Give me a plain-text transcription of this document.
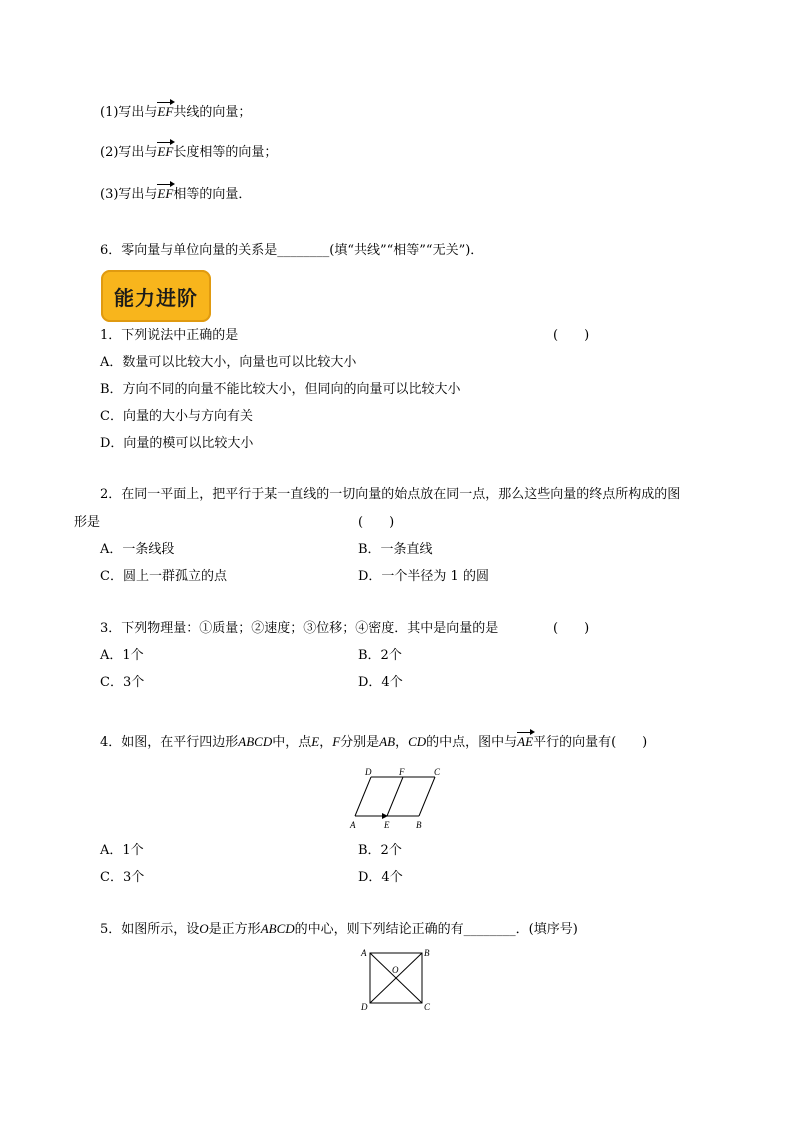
(1)写出与EF共线的向量；
(2)写出与EF长度相等的向量；
(3)写出与EF相等的向量．
6．零向量与单位向量的关系是________(填“共线”“相等”“无关”)．
能力进阶
1．下列说法中正确的是	(　　)
A．数量可以比较大小，向量也可以比较大小
B．方向不同的向量不能比较大小，但同向的向量可以比较大小
C．向量的大小与方向有关
D．向量的模可以比较大小
2．在同一平面上，把平行于某一直线的一切向量的始点放在同一点，那么这些向量的终点所构成的图
形是	(　　)
A．一条线段	B．一条直线
C．圆上一群孤立的点	D．一个半径为 1 的圆
3．下列物理量：①质量；②速度；③位移；④密度．其中是向量的是	(　　)
A．1个	B．2个
C．3个	D．4个
4．如图，在平行四边形ABCD中，点E，F分别是AB，CD的中点，图中与AE平行的向量有(　　)
A	E	B
D	F	C
A．1个	B．2个
C．3个	D．4个
5．如图所示，设O是正方形ABCD的中心，则下列结论正确的有________．(填序号)
A	B
C
D
O
